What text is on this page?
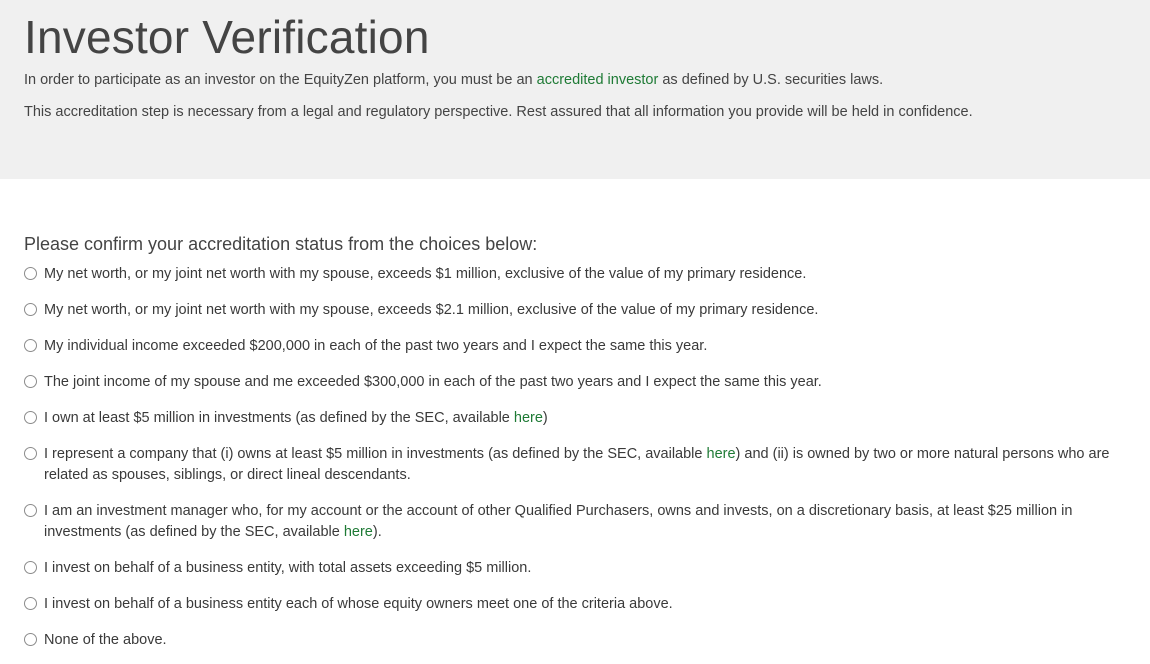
Investor Verification

In order to participate as an investor on the EquityZen platform, you must be an accredited investor as defined by U.S. securities laws.

This accreditation step is necessary from a legal and regulatory perspective. Rest assured that all information you provide will be held in confidence.

Please confirm your accreditation status from the choices below:
My net worth, or my joint net worth with my spouse, exceeds $1 million, exclusive of the value of my primary residence.
My net worth, or my joint net worth with my spouse, exceeds $2.1 million, exclusive of the value of my primary residence.
My individual income exceeded $200,000 in each of the past two years and I expect the same this year.
The joint income of my spouse and me exceeded $300,000 in each of the past two years and I expect the same this year.
I own at least $5 million in investments (as defined by the SEC, available here)
I represent a company that (i) owns at least $5 million in investments (as defined by the SEC, available here) and (ii) is owned by two or more natural persons who are related as spouses, siblings, or direct lineal descendants.
I am an investment manager who, for my account or the account of other Qualified Purchasers, owns and invests, on a discretionary basis, at least $25 million in investments (as defined by the SEC, available here).
I invest on behalf of a business entity, with total assets exceeding $5 million.
I invest on behalf of a business entity each of whose equity owners meet one of the criteria above.
None of the above.
